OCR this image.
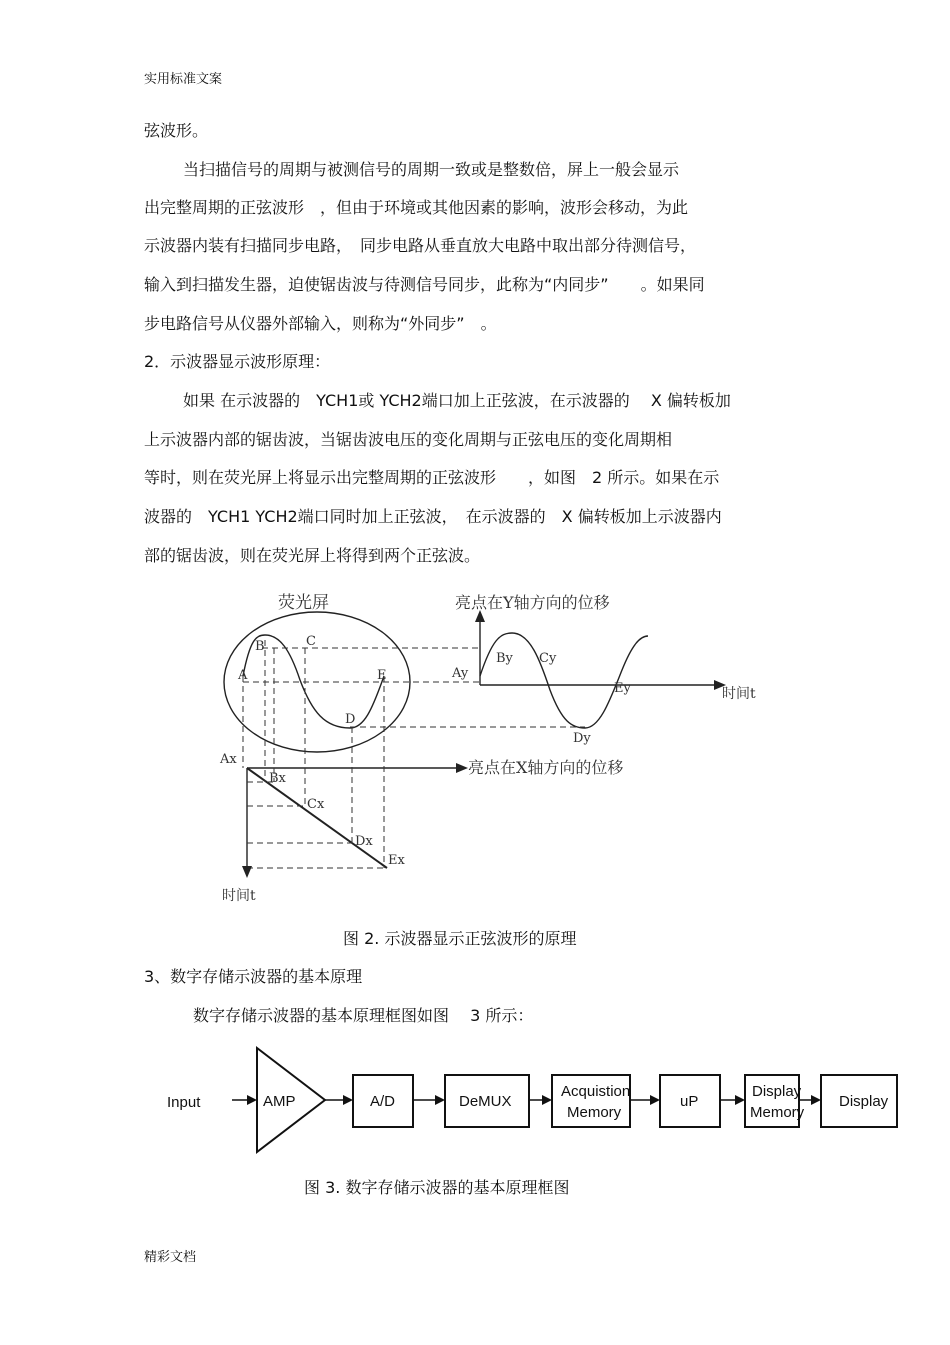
实用标准文案
精彩文档
弦波形。
当扫描信号的周期与被测信号的周期一致或是整数倍，屏上一般会显示
出完整周期的正弦波形　，但由于环境或其他因素的影响，波形会移动，为此
示波器内装有扫描同步电路，　同步电路从垂直放大电路中取出部分待测信号，
输入到扫描发生器，迫使锯齿波与待测信号同步，此称为“内同步”　　。如果同
步电路信号从仪器外部输入，则称为“外同步”　。
2．示波器显示波形原理：
如果 在示波器的　YCH1或 YCH2端口加上正弦波，在示波器的　 X 偏转板加
上示波器内部的锯齿波，当锯齿波电压的变化周期与正弦电压的变化周期相
等时，则在荧光屏上将显示出完整周期的正弦波形　　，如图　2 所示。如果在示
波器的　YCH1 YCH2端口同时加上正弦波，　在示波器的　X 偏转板加上示波器内
部的锯齿波，则在荧光屏上将得到两个正弦波。
荧光屏	亮点在Y轴方向的位移
时间t
亮点在X轴方向的位移
时间t
A
B	C
D
E	Ay
By Cy
Dy
Ey
Ax
Bx
Cx
Dx
Ex
Input	AMP	A/D	DeMUX
Acquistion
Memory
uP
Display
Memory
Display
图 2. 示波器显示正弦波形的原理
3、数字存储示波器的基本原理
数字存储示波器的基本原理框图如图　 3 所示：
图 3. 数字存储示波器的基本原理框图
